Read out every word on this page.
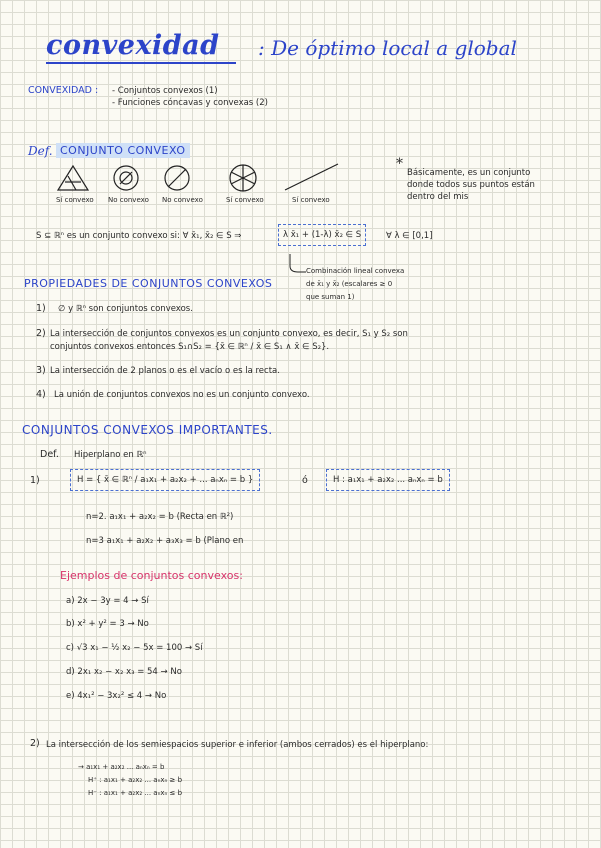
convexidad : De óptimo local a global
CONVEXIDAD : - Conjuntos convexos (1)
- Funciones cóncavas y convexas (2)
Def. CONJUNTO CONVEXO
Sí convexo No convexo No convexo	Sí convexo	Sí convexo
*
Básicamente, es un conjunto
donde todos sus puntos están
dentro del mis
S ⊆ ℝⁿ es un conjunto convexo si: ∀ x̄₁, x̄₂ ∈ S ⇒	λ x̄₁ + (1-λ) x̄₂ ∈ S	∀ λ ∈ [0,1]
Combinación lineal convexa
de x̄₁ y x̄₂ (escalares ≥ 0
que suman 1)
PROPIEDADES DE CONJUNTOS CONVEXOS
1) ∅ y ℝⁿ son conjuntos convexos.
2) La intersección de conjuntos convexos es un conjunto convexo, es decir, S₁ y S₂ son
conjuntos convexos entonces S₁∩S₂ = {x̄ ∈ ℝⁿ / x̄ ∈ S₁ ∧ x̄ ∈ S₂}.
3) La intersección de 2 planos o es el vacío o es la recta.
4) La unión de conjuntos convexos no es un conjunto convexo.
CONJUNTOS CONVEXOS IMPORTANTES.
Def. Hiperplano en ℝⁿ
1)	H = { x̄ ∈ ℝⁿ / a₁x₁ + a₂x₂ + ... aₙxₙ = b }	ó	H : a₁x₁ + a₂x₂ ... aₙxₙ = b
n=2. a₁x₁ + a₂x₂ = b (Recta en ℝ²)
n=3 a₁x₁ + a₂x₂ + a₃x₃ = b (Plano en
Ejemplos de conjuntos convexos:
a) 2x − 3y = 4 → Sí
b) x² + y² = 3 → No
c) √3 x₁ − ½ x₂ − 5x = 100 → Sí
d) 2x₁ x₂ − x₂ x₃ = 54 → No
e) 4x₁² − 3x₂² ≤ 4 → No
2) La intersección de los semiespacios superior e inferior (ambos cerrados) es el hiperplano:
→ a₁x₁ + a₂x₂ ... aₙxₙ = b
H⁺ : a₁x₁ + a₂x₂ ... aₙxₙ ≥ b
H⁻ : a₁x₁ + a₂x₂ ... aₙxₙ ≤ b
